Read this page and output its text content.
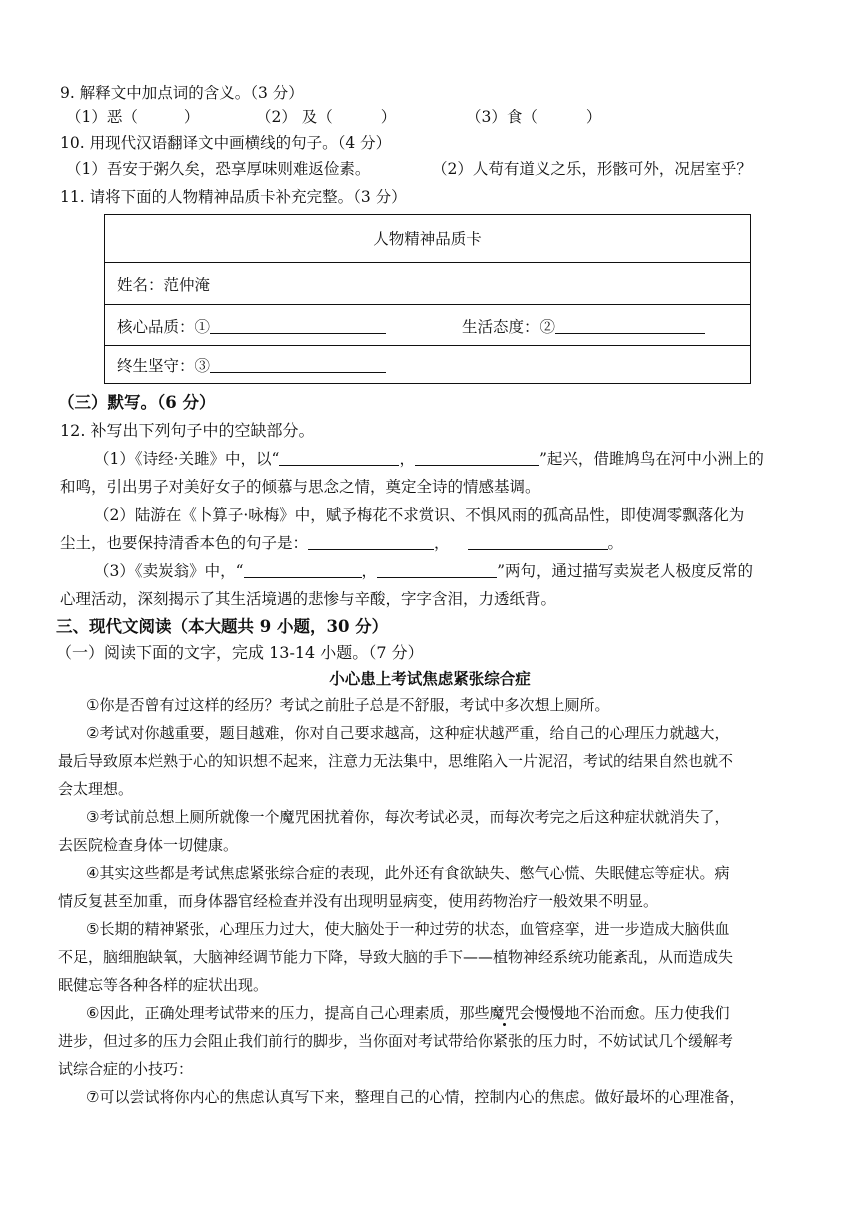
9. 解释文中加点词的含义。（3 分）
（1）恶（	）	（2） 及（	）	（3）食（	）
10. 用现代汉语翻译文中画横线的句子。（4 分）
（1）吾安于粥久矣，恐享厚味则难返俭素。	（2）人苟有道义之乐，形骸可外，况居室乎？
11. 请将下面的人物精神品质卡补充完整。（3 分）
人物精神品质卡
姓名：范仲淹
核心品质：①	生活态度：②
终生坚守：③
（三）默写。（6 分）
12. 补写出下列句子中的空缺部分。
（1）《诗经·关雎》中，以“	，	”起兴，借雎鸠鸟在河中小洲上的
和鸣，引出男子对美好女子的倾慕与思念之情，奠定全诗的情感基调。
（2）陆游在《卜算子·咏梅》中，赋予梅花不求赏识、不惧风雨的孤高品性，即使凋零飘落化为
尘土，也要保持清香本色的句子是：	，	。
（3）《卖炭翁》中，“	，	”两句，通过描写卖炭老人极度反常的
心理活动，深刻揭示了其生活境遇的悲惨与辛酸，字字含泪，力透纸背。
三、现代文阅读（本大题共 9 小题，30 分）
（一）阅读下面的文字，完成 13-14 小题。（7 分）
小心患上考试焦虑紧张综合症
①你是否曾有过这样的经历？考试之前肚子总是不舒服，考试中多次想上厕所。
②考试对你越重要，题目越难，你对自己要求越高，这种症状越严重，给自己的心理压力就越大，
最后导致原本烂熟于心的知识想不起来，注意力无法集中，思维陷入一片泥沼，考试的结果自然也就不
会太理想。
③考试前总想上厕所就像一个魔咒困扰着你，每次考试必灵，而每次考完之后这种症状就消失了，
去医院检查身体一切健康。
④其实这些都是考试焦虑紧张综合症的表现，此外还有食欲缺失、憋气心慌、失眠健忘等症状。病
情反复甚至加重，而身体器官经检查并没有出现明显病变，使用药物治疗一般效果不明显。
⑤长期的精神紧张，心理压力过大，使大脑处于一种过劳的状态，血管痉挛，进一步造成大脑供血
不足，脑细胞缺氧，大脑神经调节能力下降，导致大脑的手下——植物神经系统功能紊乱，从而造成失
眠健忘等各种各样的症状出现。
⑥因此，正确处理考试带来的压力，提高自己心理素质，那些魔咒会慢慢地不治而愈。压力使我们
进步，但过多的压力会阻止我们前行的脚步，当你面对考试带给你紧张的压力时，不妨试试几个缓解考
试综合症的小技巧：
⑦可以尝试将你内心的焦虑认真写下来，整理自己的心情，控制内心的焦虑。做好最坏的心理准备，
